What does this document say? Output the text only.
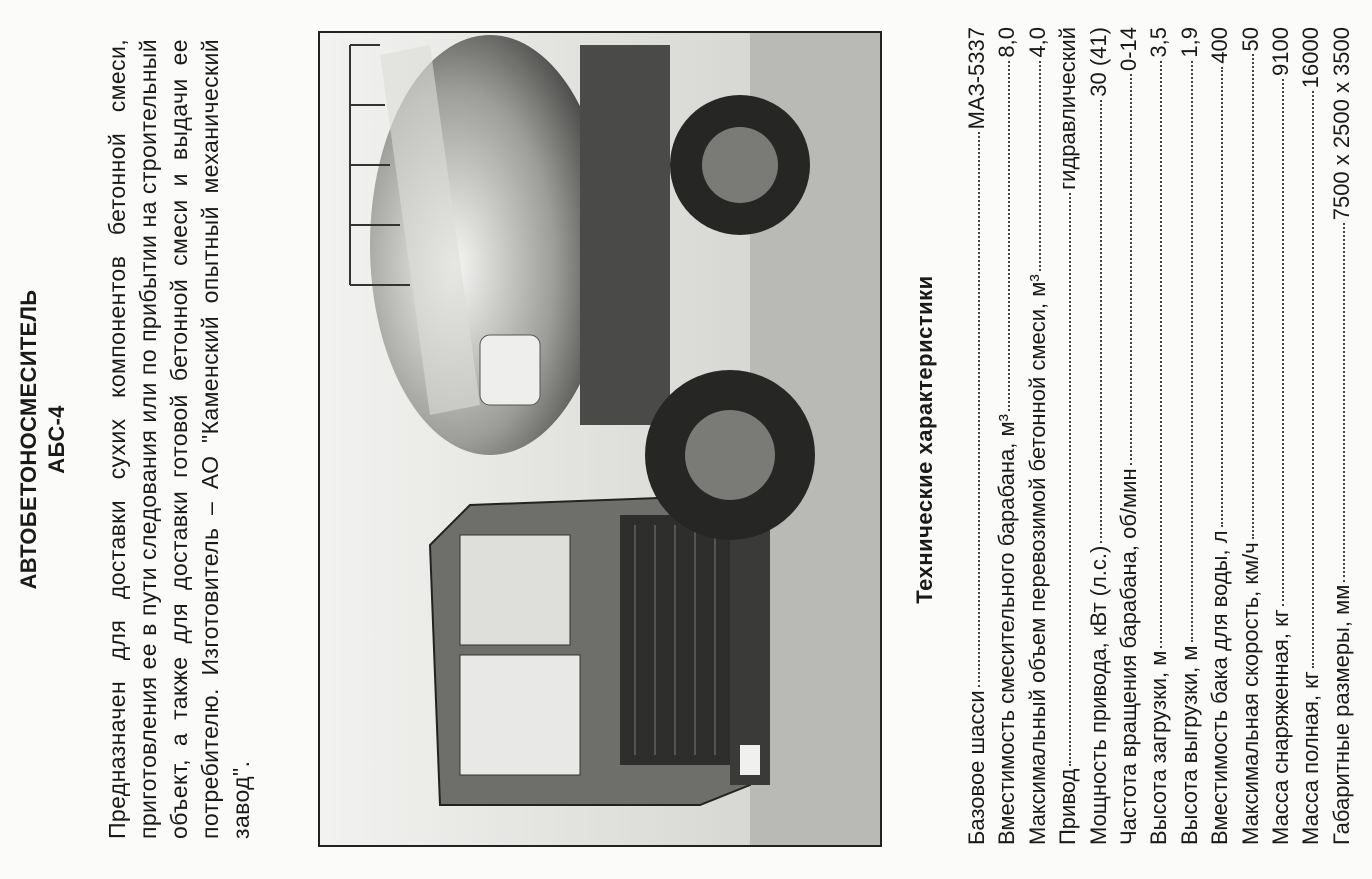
АВТОБЕТОНОСМЕСИТЕЛЬ АБС-4 Предназначен для доставки сухих компонентов бетонной смеси, приготовления ее в пути следования или по прибытии на строительный объект, а также для доставки готовой бетонной смеси и выдачи ее потребителю. Изготовитель – АО "Каменский опытный механический завод".
Технические характеристики
Базовое шасси
МАЗ-5337
Вместимость смесительного барабана, м³
8,0
Максимальный объем перевозимой бетонной смеси, м³
4,0
Привод
гидравлический
Мощность привода, кВт (л.с.)
30 (41)
Частота вращения барабана, об/мин
0-14
Высота загрузки, м
3,5
Высота выгрузки, м
1,9
Вместимость бака для воды, л
400
Максимальная скорость, км/ч
50
Масса снаряженная, кг
9100
Масса полная, кг
16000
Габаритные размеры, мм
7500 х 2500 х 3500
